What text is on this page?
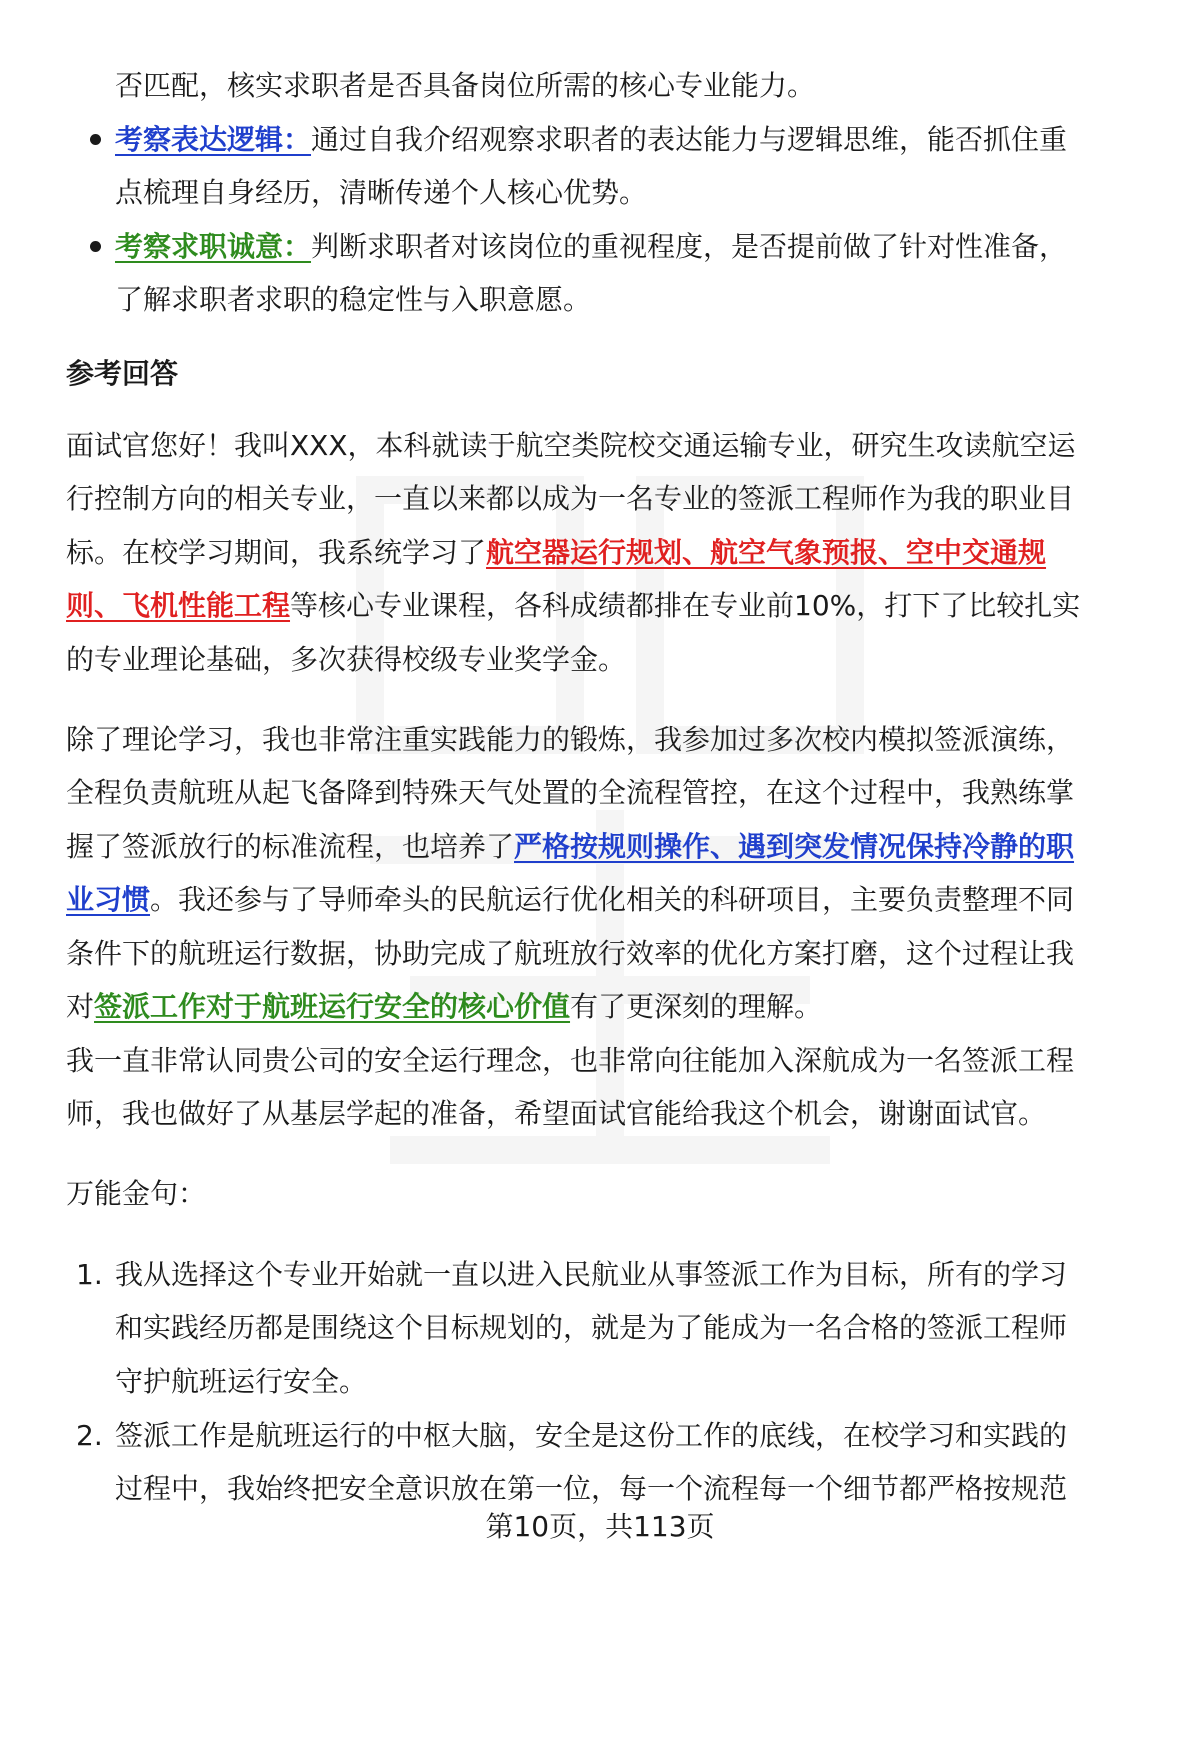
否匹配，核实求职者是否具备岗位所需的核心专业能力。
考察表达逻辑：通过自我介绍观察求职者的表达能力与逻辑思维，能否抓住重
点梳理自身经历，清晰传递个人核心优势。
考察求职诚意：判断求职者对该岗位的重视程度，是否提前做了针对性准备，
了解求职者求职的稳定性与入职意愿。
参考回答
面试官您好！我叫XXX，本科就读于航空类院校交通运输专业，研究生攻读航空运
行控制方向的相关专业，一直以来都以成为一名专业的签派工程师作为我的职业目
标。在校学习期间，我系统学习了航空器运行规划、航空气象预报、空中交通规
则、飞机性能工程等核心专业课程，各科成绩都排在专业前10%，打下了比较扎实
的专业理论基础，多次获得校级专业奖学金。
除了理论学习，我也非常注重实践能力的锻炼，我参加过多次校内模拟签派演练，
全程负责航班从起飞备降到特殊天气处置的全流程管控，在这个过程中，我熟练掌
握了签派放行的标准流程，也培养了严格按规则操作、遇到突发情况保持冷静的职
业习惯。我还参与了导师牵头的民航运行优化相关的科研项目，主要负责整理不同
条件下的航班运行数据，协助完成了航班放行效率的优化方案打磨，这个过程让我
对签派工作对于航班运行安全的核心价值有了更深刻的理解。
我一直非常认同贵公司的安全运行理念，也非常向往能加入深航成为一名签派工程
师，我也做好了从基层学起的准备，希望面试官能给我这个机会，谢谢面试官。
万能金句：
1. 我从选择这个专业开始就一直以进入民航业从事签派工作为目标，所有的学习
和实践经历都是围绕这个目标规划的，就是为了能成为一名合格的签派工程师
守护航班运行安全。
2. 签派工作是航班运行的中枢大脑，安全是这份工作的底线，在校学习和实践的
过程中，我始终把安全意识放在第一位，每一个流程每一个细节都严格按规范
第10页，共113页
